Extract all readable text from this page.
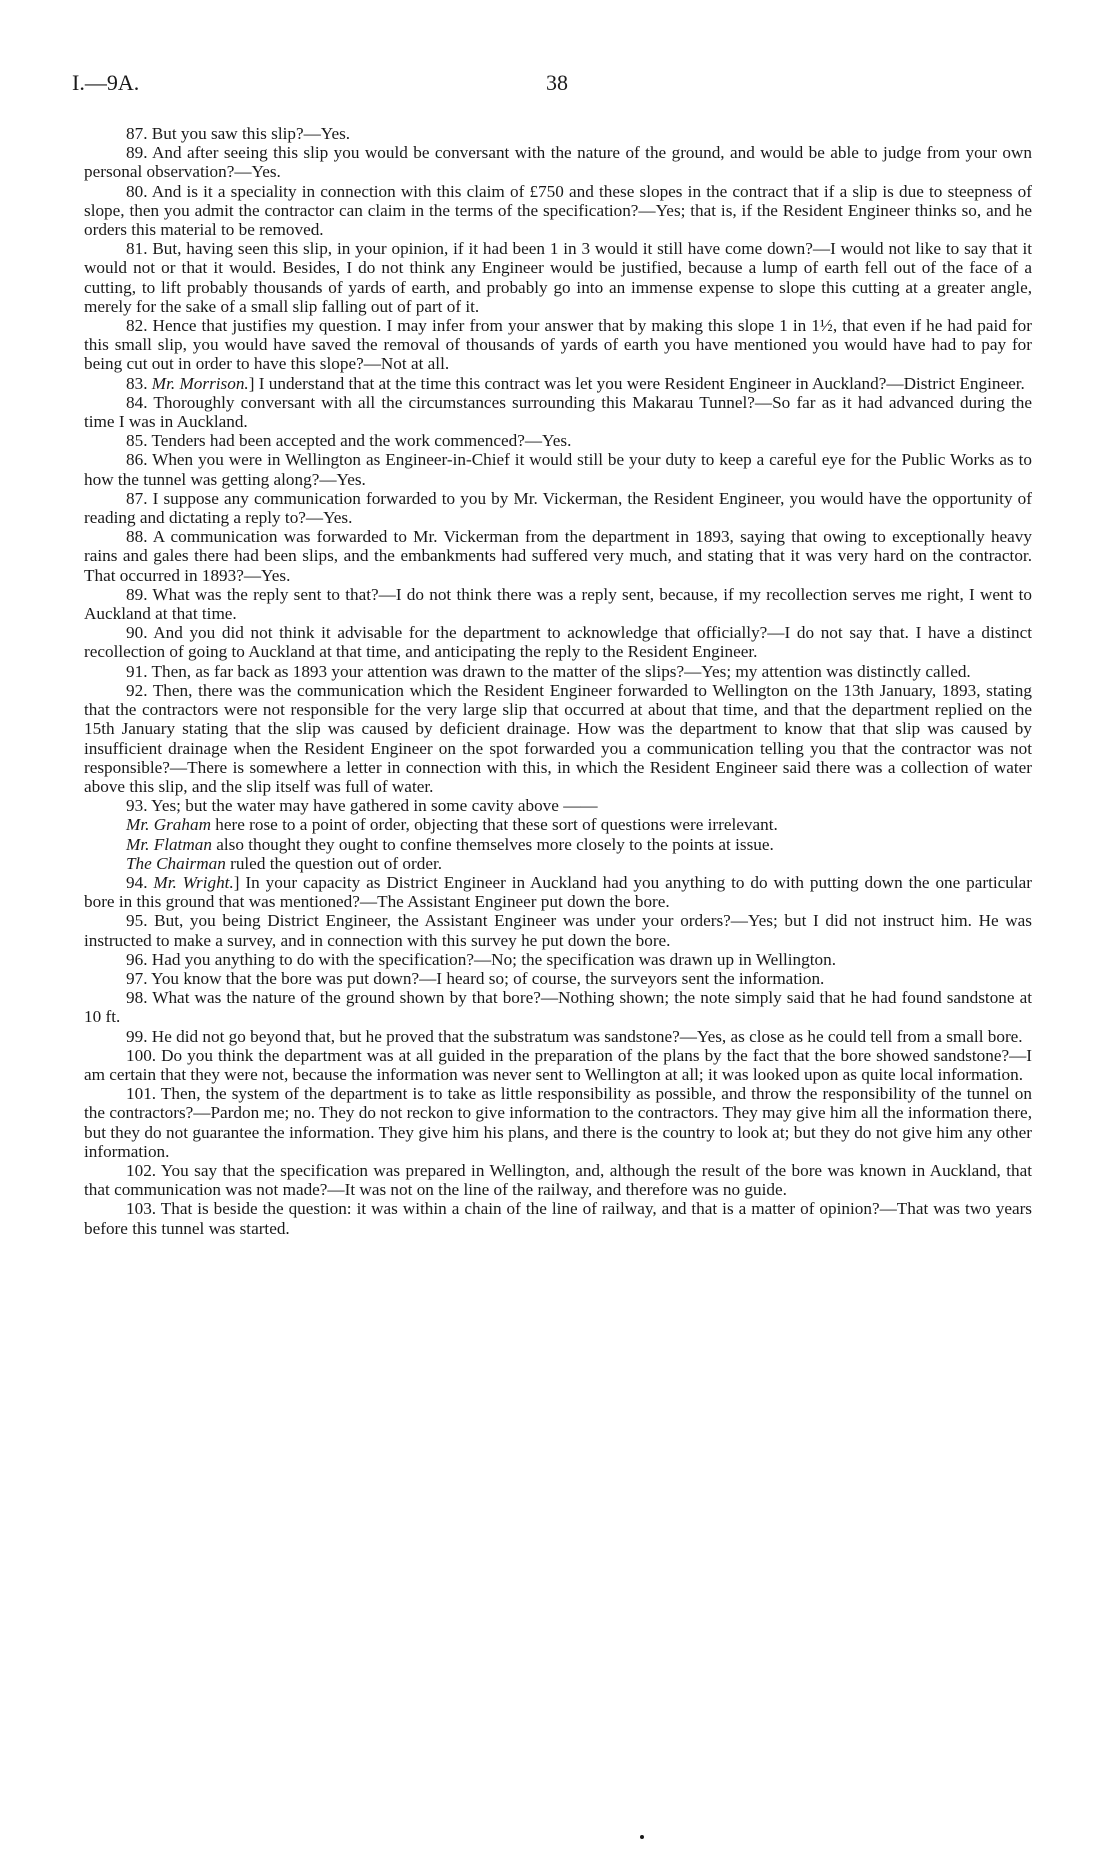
I.—9A.	38

87. But you saw this slip?—Yes.

89. And after seeing this slip you would be conversant with the nature of the ground, and would be able to judge from your own personal observation?—Yes.

80. And is it a speciality in connection with this claim of £750 and these slopes in the contract that if a slip is due to steepness of slope, then you admit the contractor can claim in the terms of the specification?—Yes; that is, if the Resident Engineer thinks so, and he orders this material to be removed.

81. But, having seen this slip, in your opinion, if it had been 1 in 3 would it still have come down?—I would not like to say that it would not or that it would. Besides, I do not think any Engineer would be justified, because a lump of earth fell out of the face of a cutting, to lift probably thousands of yards of earth, and probably go into an immense expense to slope this cutting at a greater angle, merely for the sake of a small slip falling out of part of it.

82. Hence that justifies my question. I may infer from your answer that by making this slope 1 in 1½, that even if he had paid for this small slip, you would have saved the removal of thousands of yards of earth you have mentioned you would have had to pay for being cut out in order to have this slope?—Not at all.

83. Mr. Morrison.] I understand that at the time this contract was let you were Resident Engineer in Auckland?—District Engineer.

84. Thoroughly conversant with all the circumstances surrounding this Makarau Tunnel?—So far as it had advanced during the time I was in Auckland.

85. Tenders had been accepted and the work commenced?—Yes.

86. When you were in Wellington as Engineer-in-Chief it would still be your duty to keep a careful eye for the Public Works as to how the tunnel was getting along?—Yes.

87. I suppose any communication forwarded to you by Mr. Vickerman, the Resident Engineer, you would have the opportunity of reading and dictating a reply to?—Yes.

88. A communication was forwarded to Mr. Vickerman from the department in 1893, saying that owing to exceptionally heavy rains and gales there had been slips, and the embankments had suffered very much, and stating that it was very hard on the contractor. That occurred in 1893?—Yes.

89. What was the reply sent to that?—I do not think there was a reply sent, because, if my recollection serves me right, I went to Auckland at that time.

90. And you did not think it advisable for the department to acknowledge that officially?—I do not say that. I have a distinct recollection of going to Auckland at that time, and anticipating the reply to the Resident Engineer.

91. Then, as far back as 1893 your attention was drawn to the matter of the slips?—Yes; my attention was distinctly called.

92. Then, there was the communication which the Resident Engineer forwarded to Wellington on the 13th January, 1893, stating that the contractors were not responsible for the very large slip that occurred at about that time, and that the department replied on the 15th January stating that the slip was caused by deficient drainage. How was the department to know that that slip was caused by insufficient drainage when the Resident Engineer on the spot forwarded you a communication telling you that the contractor was not responsible?—There is somewhere a letter in connection with this, in which the Resident Engineer said there was a collection of water above this slip, and the slip itself was full of water.

93. Yes; but the water may have gathered in some cavity above ——

Mr. Graham here rose to a point of order, objecting that these sort of questions were irrelevant.

Mr. Flatman also thought they ought to confine themselves more closely to the points at issue.

The Chairman ruled the question out of order.

94. Mr. Wright.] In your capacity as District Engineer in Auckland had you anything to do with putting down the one particular bore in this ground that was mentioned?—The Assistant Engineer put down the bore.

95. But, you being District Engineer, the Assistant Engineer was under your orders?—Yes; but I did not instruct him. He was instructed to make a survey, and in connection with this survey he put down the bore.

96. Had you anything to do with the specification?—No; the specification was drawn up in Wellington.

97. You know that the bore was put down?—I heard so; of course, the surveyors sent the information.

98. What was the nature of the ground shown by that bore?—Nothing shown; the note simply said that he had found sandstone at 10 ft.

99. He did not go beyond that, but he proved that the substratum was sandstone?—Yes, as close as he could tell from a small bore.

100. Do you think the department was at all guided in the preparation of the plans by the fact that the bore showed sandstone?—I am certain that they were not, because the information was never sent to Wellington at all; it was looked upon as quite local information.

101. Then, the system of the department is to take as little responsibility as possible, and throw the responsibility of the tunnel on the contractors?—Pardon me; no. They do not reckon to give information to the contractors. They may give him all the information there, but they do not guarantee the information. They give him his plans, and there is the country to look at; but they do not give him any other information.

102. You say that the specification was prepared in Wellington, and, although the result of the bore was known in Auckland, that that communication was not made?—It was not on the line of the railway, and therefore was no guide.

103. That is beside the question: it was within a chain of the line of railway, and that is a matter of opinion?—That was two years before this tunnel was started.
